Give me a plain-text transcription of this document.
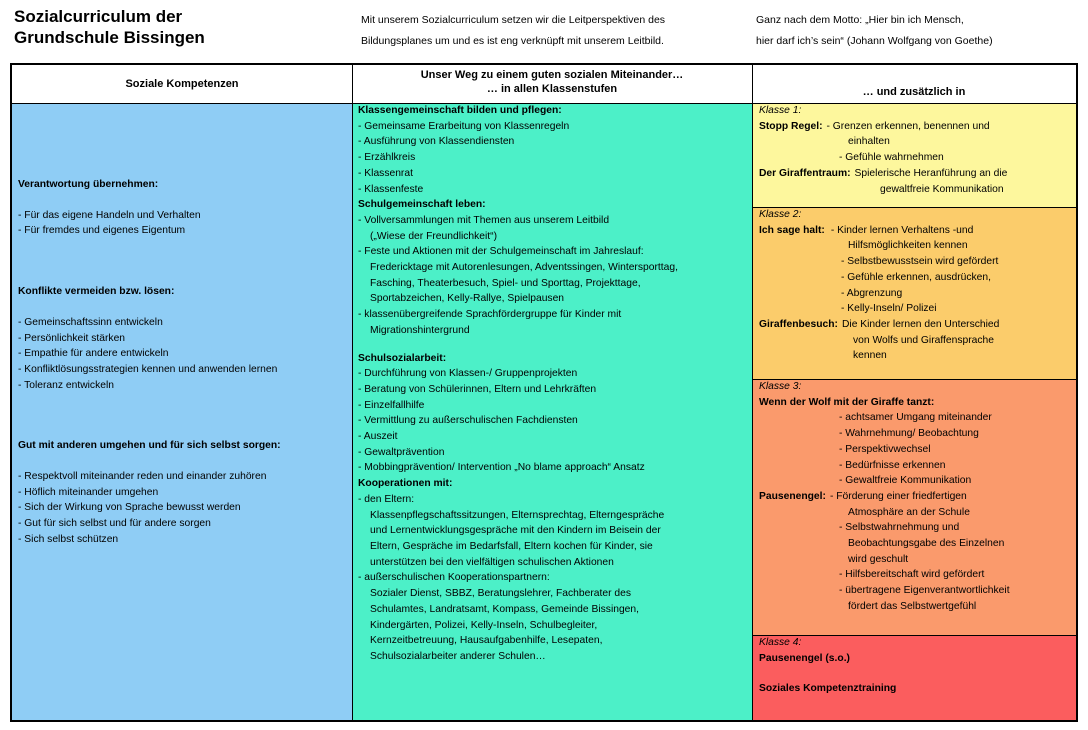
Sozialcurriculum der
Grundschule Bissingen
Mit unserem Sozialcurriculum setzen wir die Leitperspektiven des
Bildungsplanes um und es ist eng verknüpft mit unserem Leitbild.
Ganz nach dem Motto: „Hier bin ich Mensch,
hier darf ich’s sein“ (Johann Wolfgang von Goethe)
Soziale Kompetenzen
Unser Weg zu einem guten sozialen Miteinander…
… in allen Klassenstufen	… und zusätzlich in
Verantwortung übernehmen:
- Für das eigene Handeln und Verhalten
- Für fremdes und eigenes Eigentum
Konflikte vermeiden bzw. lösen:
- Gemeinschaftssinn entwickeln
- Persönlichkeit stärken
- Empathie für andere entwickeln
- Konfliktlösungsstrategien kennen und anwenden lernen
- Toleranz entwickeln
Gut mit anderen umgehen und für sich selbst sorgen:
- Respektvoll miteinander reden und einander zuhören
- Höflich miteinander umgehen
- Sich der Wirkung von Sprache bewusst werden
- Gut für sich selbst und für andere sorgen
- Sich selbst schützen
Klassengemeinschaft bilden und pflegen:
- Gemeinsame Erarbeitung von Klassenregeln
- Ausführung von Klassendiensten
- Erzählkreis
- Klassenrat
- Klassenfeste
Schulgemeinschaft leben:
- Vollversammlungen mit Themen aus unserem Leitbild
(„Wiese der Freundlichkeit“)
- Feste und Aktionen mit der Schulgemeinschaft im Jahreslauf:
Fredericktage mit Autorenlesungen, Adventssingen, Wintersporttag,
Fasching, Theaterbesuch, Spiel- und Sporttag, Projekttage,
Sportabzeichen, Kelly-Rallye, Spielpausen
- klassenübergreifende Sprachfördergruppe für Kinder mit
Migrationshintergrund
Schulsozialarbeit:
- Durchführung von Klassen-/ Gruppenprojekten
- Beratung von Schülerinnen, Eltern und Lehrkräften
- Einzelfallhilfe
- Vermittlung zu außerschulischen Fachdiensten
- Auszeit
- Gewaltprävention
- Mobbingprävention/ Intervention „No blame approach“ Ansatz
Kooperationen mit:
- den Eltern:
Klassenpflegschaftssitzungen, Elternsprechtag, Elterngespräche
und Lernentwicklungsgespräche mit den Kindern im Beisein der
Eltern, Gespräche im Bedarfsfall, Eltern kochen für Kinder, sie
unterstützen bei den vielfältigen schulischen Aktionen
- außerschulischen Kooperationspartnern:
Sozialer Dienst, SBBZ, Beratungslehrer, Fachberater des
Schulamtes, Landratsamt, Kompass, Gemeinde Bissingen,
Kindergärten, Polizei, Kelly-Inseln, Schulbegleiter,
Kernzeitbetreuung, Hausaufgabenhilfe, Lesepaten,
Schulsozialarbeiter anderer Schulen…
Klasse 1:
Stopp Regel: - Grenzen erkennen, benennen und
einhalten
- Gefühle wahrnehmen
Der Giraffentraum: Spielerische Heranführung an die
gewaltfreie Kommunikation
Klasse 2:
Ich sage halt: - Kinder lernen Verhaltens -und
Hilfsmöglichkeiten kennen
- Selbstbewusstsein wird gefördert
- Gefühle erkennen, ausdrücken,
- Abgrenzung
- Kelly-Inseln/ Polizei
Giraffenbesuch: Die Kinder lernen den Unterschied
von Wolfs und Giraffensprache
kennen
Klasse 3:
Wenn der Wolf mit der Giraffe tanzt:
- achtsamer Umgang miteinander
- Wahrnehmung/ Beobachtung
- Perspektivwechsel
- Bedürfnisse erkennen
- Gewaltfreie Kommunikation
Pausenengel: - Förderung einer friedfertigen
Atmosphäre an der Schule
- Selbstwahrnehmung und
Beobachtungsgabe des Einzelnen
wird geschult
- Hilfsbereitschaft wird gefördert
- übertragene Eigenverantwortlichkeit
fördert das Selbstwertgefühl
Klasse 4:
Pausenengel (s.o.)
Soziales Kompetenztraining
